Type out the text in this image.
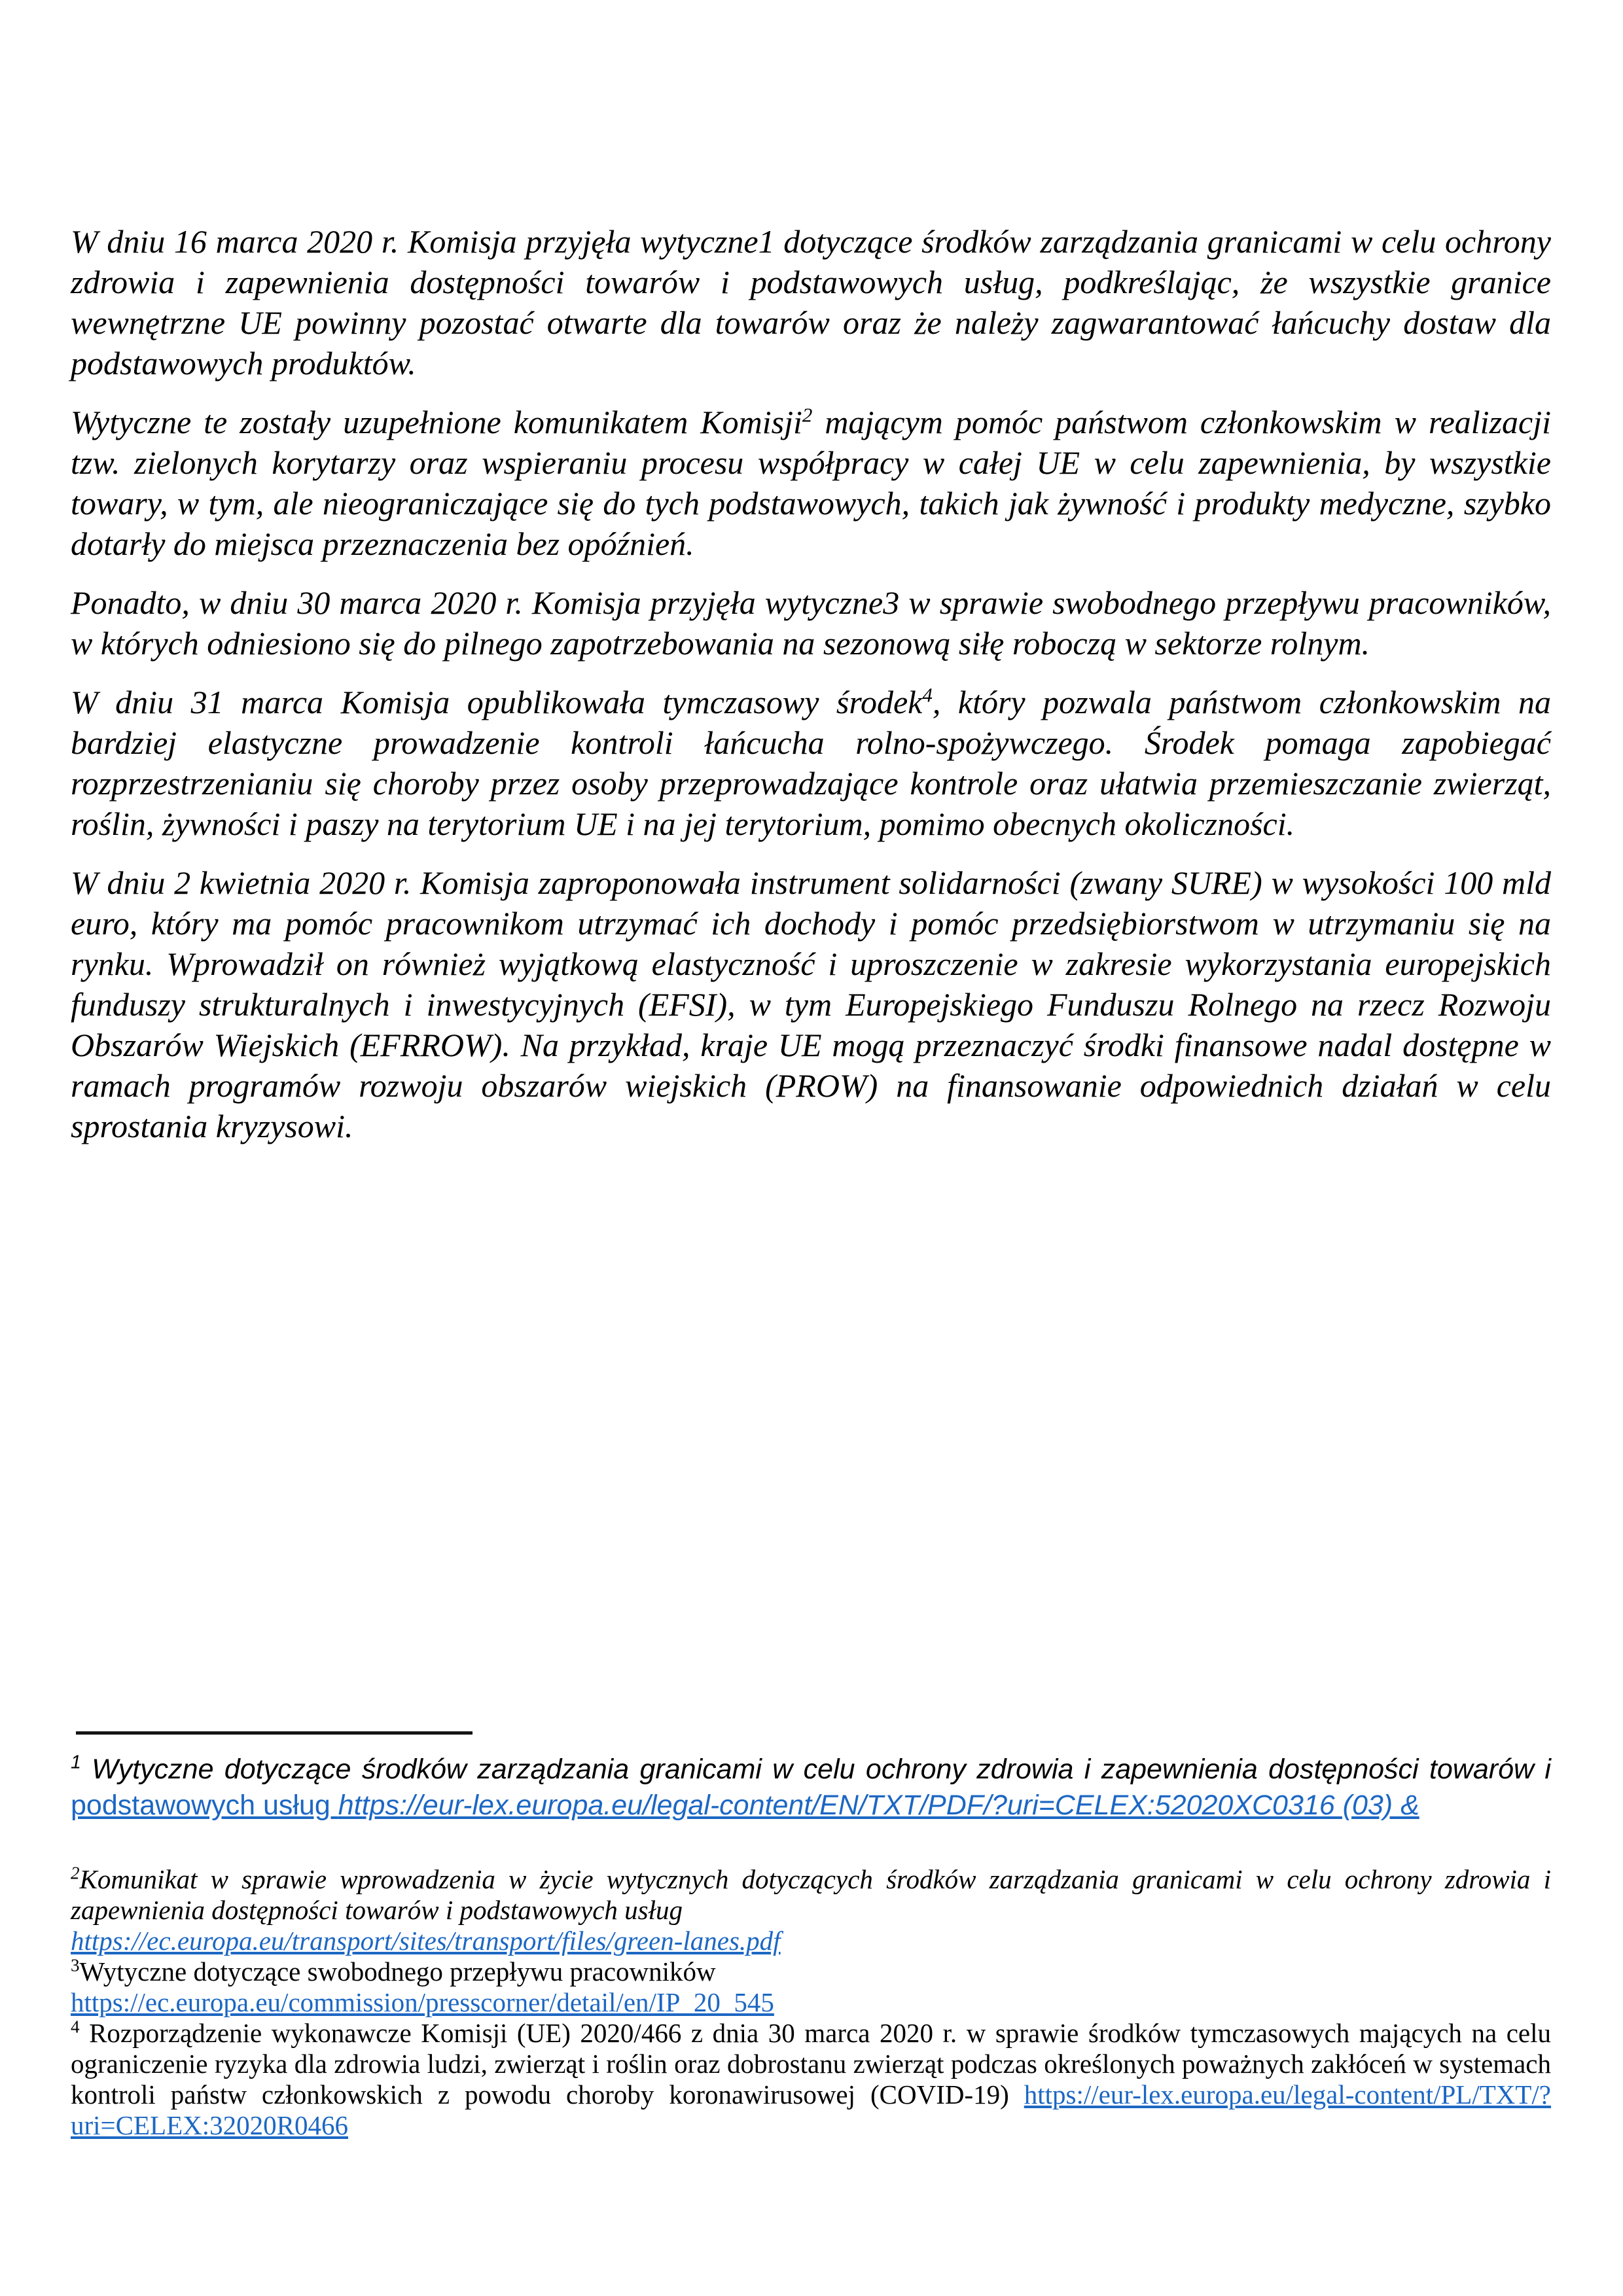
W dniu 16 marca 2020 r. Komisja przyjęła wytyczne1 dotyczące środków zarządzania granicami w celu ochrony zdrowia i zapewnienia dostępności towarów i podstawowych usług, podkreślając, że wszystkie granice wewnętrzne UE powinny pozostać otwarte dla towarów oraz że należy zagwarantować łańcuchy dostaw dla podstawowych produktów.

Wytyczne te zostały uzupełnione komunikatem Komisji$^2$ mającym pomóc państwom członkowskim w realizacji tzw. zielonych korytarzy oraz wspieraniu procesu współpracy w całej UE w celu zapewnienia, by wszystkie towary, w tym, ale nieograniczające się do tych podstawowych, takich jak żywność i produkty medyczne, szybko dotarły do miejsca przeznaczenia bez opóźnień.

Ponadto, w dniu 30 marca 2020 r. Komisja przyjęła wytyczne3 w sprawie swobodnego przepływu pracowników, w których odniesiono się do pilnego zapotrzebowania na sezonową siłę roboczą w sektorze rolnym.

W dniu 31 marca Komisja opublikowała tymczasowy środek$^4$, który pozwala państwom członkowskim na bardziej elastyczne prowadzenie kontroli łańcucha rolno-spożywczego. Środek pomaga zapobiegać rozprzestrzenianiu się choroby przez osoby przeprowadzające kontrole oraz ułatwia przemieszczanie zwierząt, roślin, żywności i paszy na terytorium UE i na jej terytorium, pomimo obecnych okoliczności.

W dniu 2 kwietnia 2020 r. Komisja zaproponowała instrument solidarności (zwany SURE) w wysokości 100 mld euro, który ma pomóc pracownikom utrzymać ich dochody i pomóc przedsiębiorstwom w utrzymaniu się na rynku. Wprowadził on również wyjątkową elastyczność i uproszczenie w zakresie wykorzystania europejskich funduszy strukturalnych i inwestycyjnych (EFSI), w tym Europejskiego Funduszu Rolnego na rzecz Rozwoju Obszarów Wiejskich (EFRROW). Na przykład, kraje UE mogą przeznaczyć środki finansowe nadal dostępne w ramach programów rozwoju obszarów wiejskich (PROW) na finansowanie odpowiednich działań w celu sprostania kryzysowi.

$^1$ Wytyczne dotyczące środków zarządzania granicami w celu ochrony zdrowia i zapewnienia dostępności towarów i podstawowych usług https://eur-lex.europa.eu/legal-content/EN/TXT/PDF/?uri=CELEX:52020XC0316 (03) &
$^2$Komunikat w sprawie wprowadzenia w życie wytycznych dotyczących środków zarządzania granicami w celu ochrony zdrowia i zapewnienia dostępności towarów i podstawowych usług
https://ec.europa.eu/transport/sites/transport/files/green-lanes.pdf
$^3$Wytyczne dotyczące swobodnego przepływu pracowników
https://ec.europa.eu/commission/presscorner/detail/en/IP_20_545
$^4$ Rozporządzenie wykonawcze Komisji (UE) 2020/466 z dnia 30 marca 2020 r. w sprawie środków tymczasowych mających na celu ograniczenie ryzyka dla zdrowia ludzi, zwierząt i roślin oraz dobrostanu zwierząt podczas określonych poważnych zakłóceń w systemach kontroli państw członkowskich z powodu choroby koronawirusowej (COVID-19) https://eur-lex.europa.eu/legal-content/PL/TXT/?uri=CELEX:32020R0466
